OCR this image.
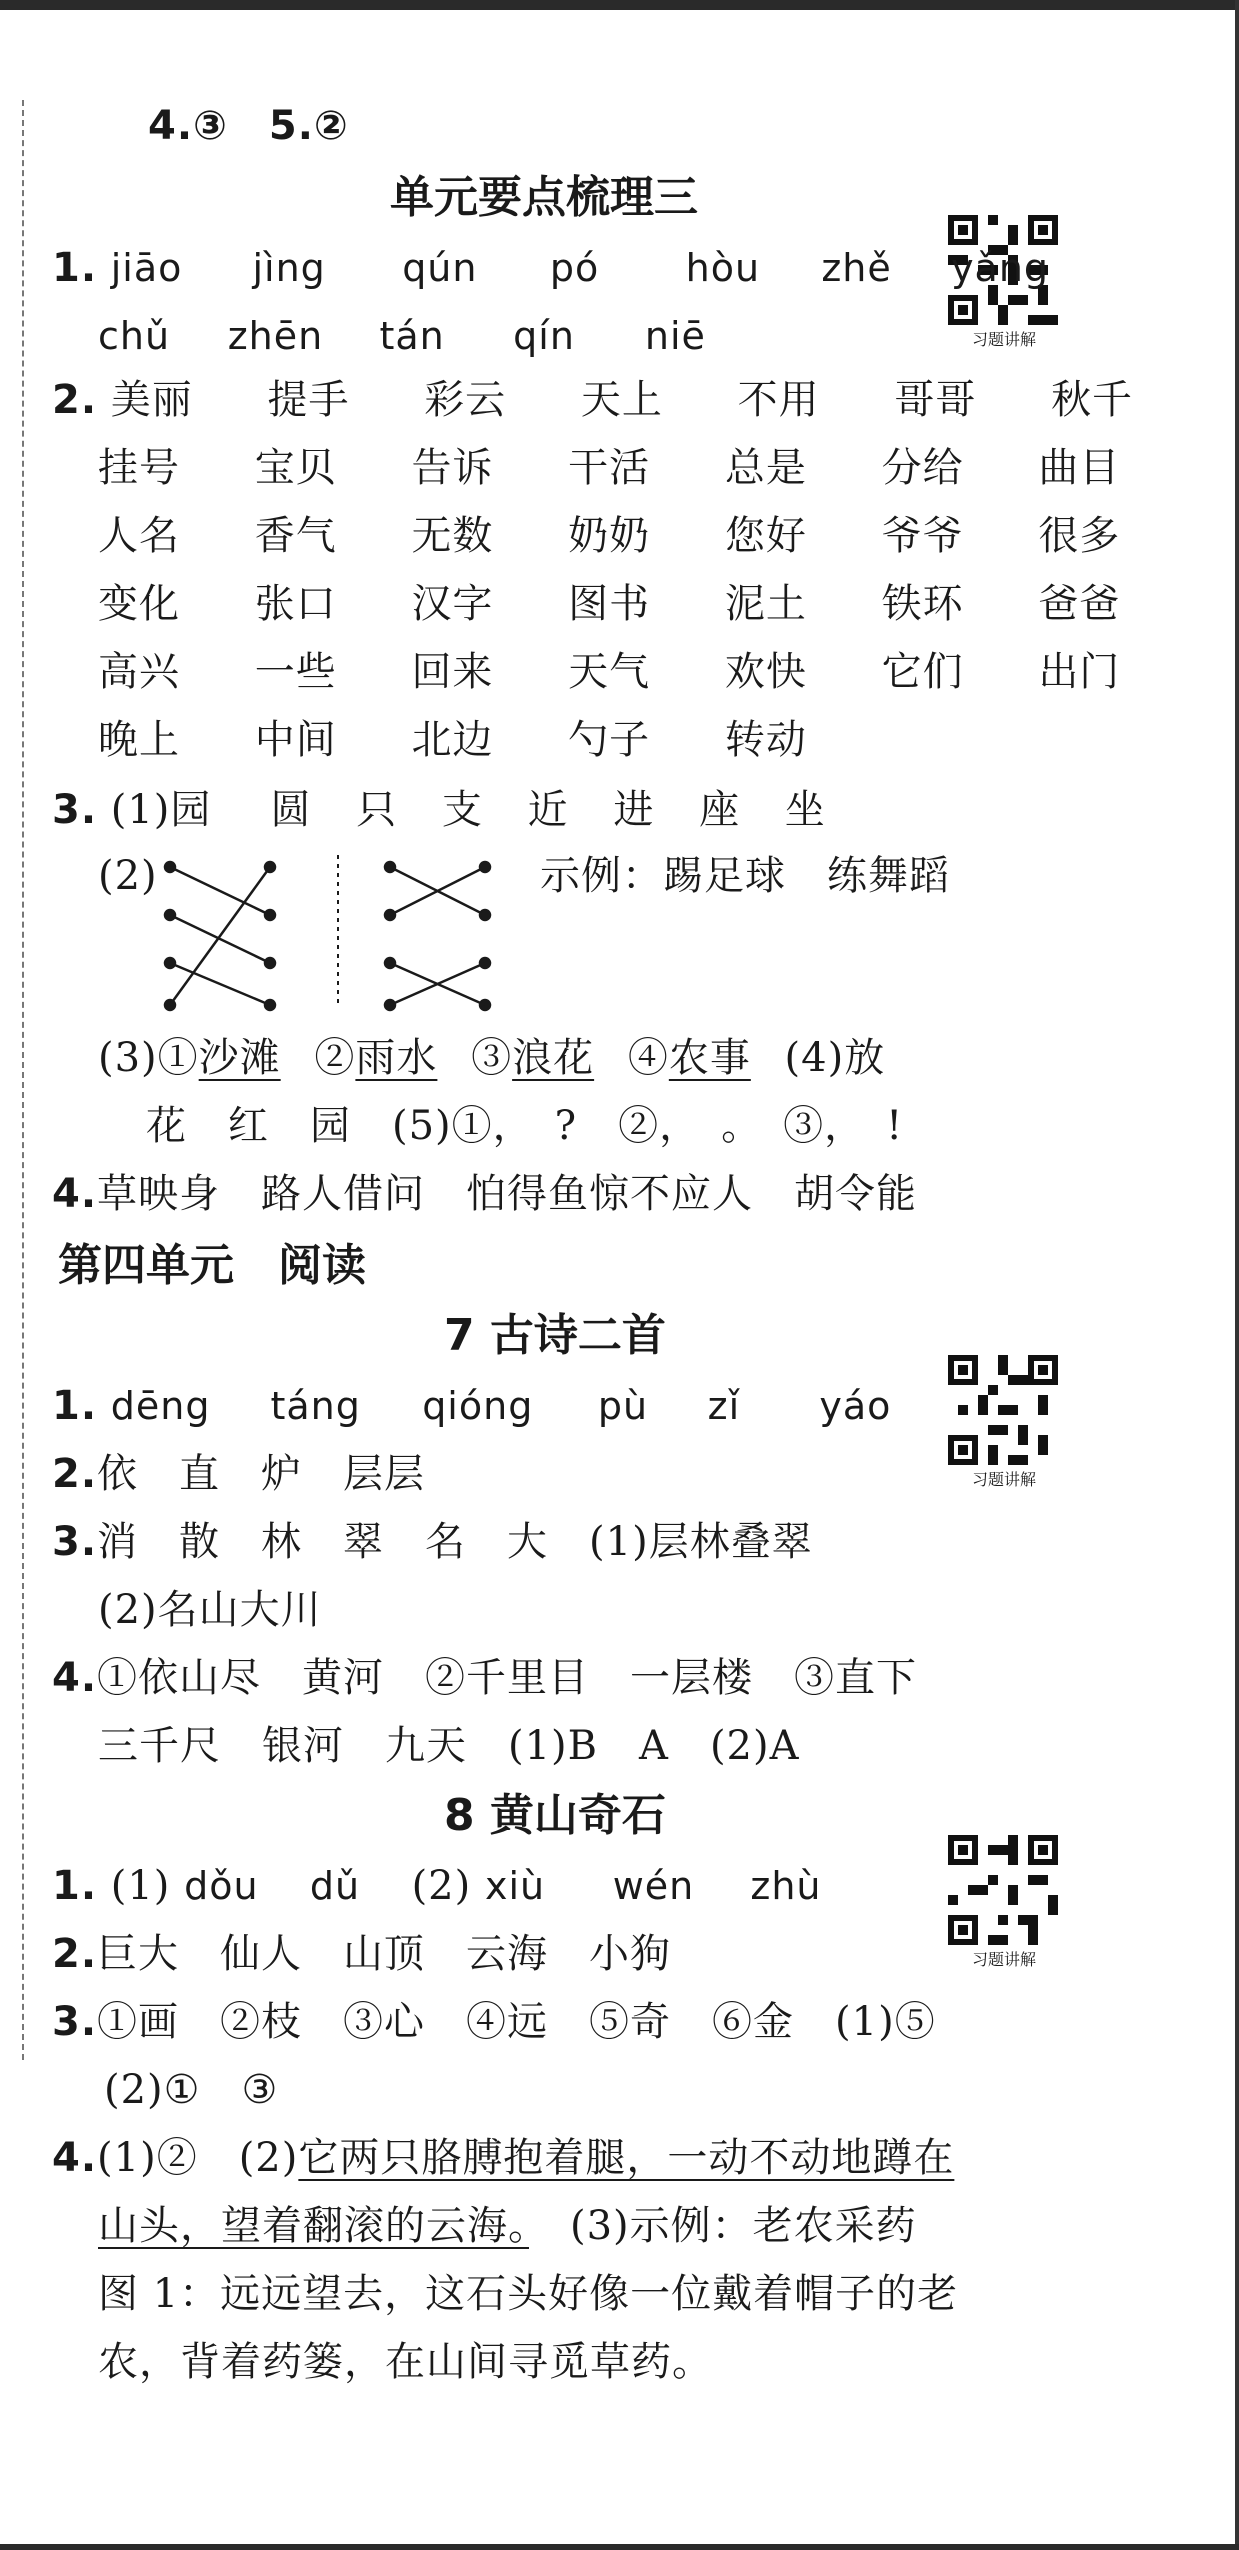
4.③　5.②
单元要点梳理三
习题讲解
1. jiāo jìng qún pó hòu zhě yǎng
chǔ zhēn tán qín niē
2. 美丽 提手 彩云 天上 不用 哥哥 秋千
挂号 宝贝 告诉 干活 总是 分给 曲目
人名 香气 无数 奶奶 您好 爷爷 很多
变化 张口 汉字 图书 泥土 铁环 爸爸
高兴 一些 回来 天气 欢快 它们 出门
晚上 中间 北边 勺子 转动
3. (1)园 圆 只 支 近 进 座 坐
(2)	示例：踢足球　练舞蹈
(3)①沙滩 ②雨水 ③浪花 ④农事 (4)放
花　红　园　(5)①，　?　②，　。　③，　!
4.草映身　路人借问　怕得鱼惊不应人　胡令能
第四单元　阅读
7 古诗二首
习题讲解
1. dēng táng qióng pù zǐ yáo
2.依　直　炉　层层
3.消　散　林　翠　名　大　(1)层林叠翠
(2)名山大川
4.①依山尽　黄河　②千里目　一层楼　③直下
三千尺　银河　九天　(1)B　A　(2)A
8 黄山奇石
习题讲解
1. (1) dǒu dǔ (2) xiù wén zhù
2.巨大　仙人　山顶　云海　小狗
3.①画　②枝　③心　④远　⑤奇　⑥金　(1)⑤
(2)①　③
4.(1)②　(2)它两只胳膊抱着腿，一动不动地蹲在
山头，望着翻滚的云海。　(3)示例：老农采药
图 1：远远望去，这石头好像一位戴着帽子的老
农，背着药篓，在山间寻觅草药。
